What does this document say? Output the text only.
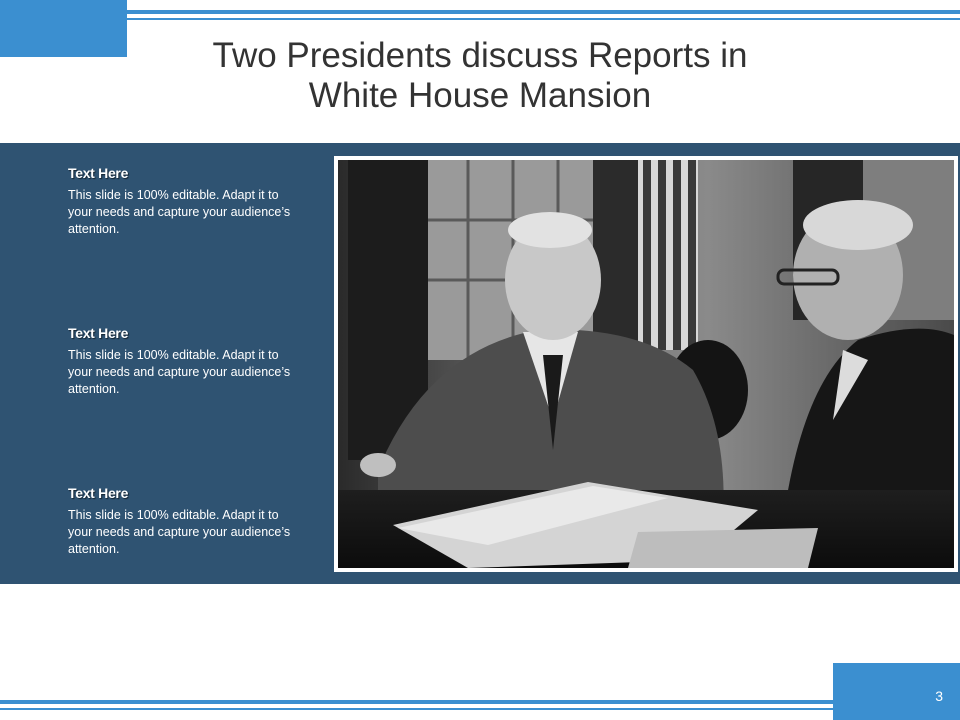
Two Presidents discuss Reports in
White House Mansion

Text Here

This slide is 100% editable. Adapt it to your needs and capture your audience’s attention.

Text Here

This slide is 100% editable. Adapt it to your needs and capture your audience’s attention.

Text Here

This slide is 100% editable. Adapt it to your needs and capture your audience’s attention.

3
